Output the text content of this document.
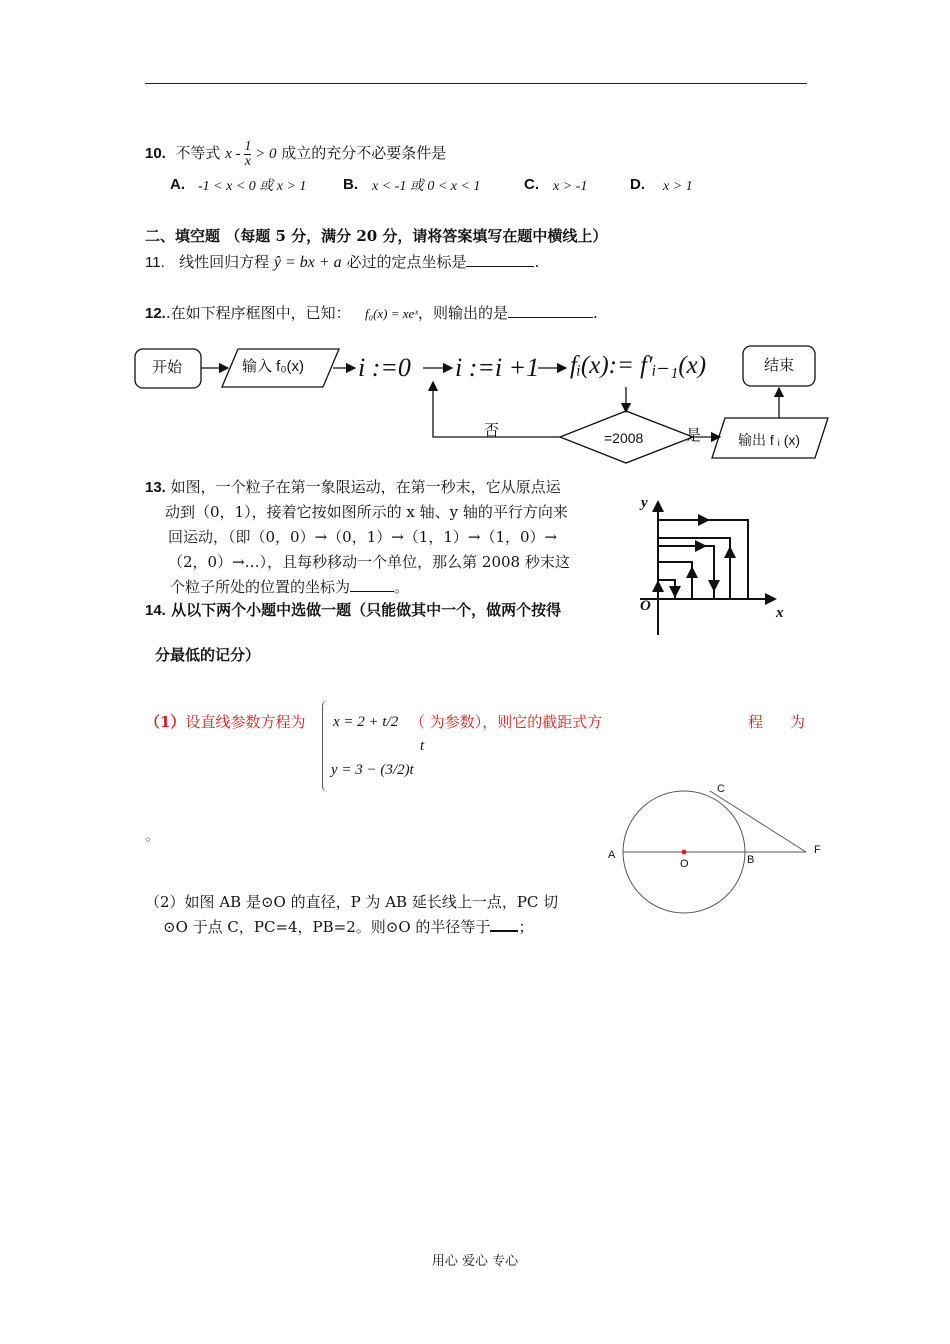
10. 不等式 $x - \frac{1}{x} > 0$ 成立的充分不必要条件是
A. -1 < x < 0 或 x > 1 B. x < -1 或 0 < x < 1	C. x > -1	D. x > 1
二、填空题 （每题 5 分，满分 20 分，请将答案填写在题中横线上）
11. 线性回归方程 ŷ = bx + a 必过的定点坐标是	.
12..在如下程序框图中，已知： f₀(x) = xeˣ，则输出的是	.
开始	输入 f₀(x) i :=0 i :=i +1 fᵢ(x):= f′ᵢ₋₁(x)
=2008
否	是	输出 f ᵢ (x)
结束
13. 如图，一个粒子在第一象限运动，在第一秒末，它从原点运
动到（0，1），接着它按如图所示的 x 轴、y 轴的平行方向来
回运动，（即（0，0）→（0，1）→（1，1）→（1，0）→
（2，0）→…），且每秒移动一个单位，那么第 2008 秒末这
个粒子所处的位置的坐标为	。
y
x
O
14. 从以下两个小题中选做一题（只能做其中一个，做两个按得
分最低的记分）
（1）设直线参数方程为 x = 2 + t/2
y = 3 − (3/2)t
（ 为参数），则它的截距式方
t
程 为
。
C
A
O	B
F
（2）如图 AB 是⊙O 的直径，P 为 AB 延长线上一点，PC 切
⊙O 于点 C，PC=4，PB=2。则⊙O 的半径等于 ；
用心 爱心 专心
